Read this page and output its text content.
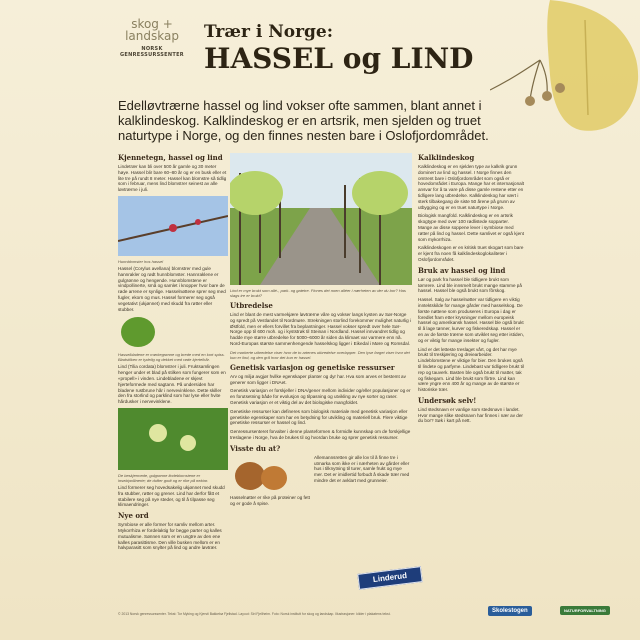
skog + landskap
NORSK GENRESSURSSENTER
Trær i Norge:
HASSEL og LIND
Edelløvtrærne hassel og lind vokser ofte sammen, blant annet i kalklindeskog. Kalklindeskog er en artsrik, men sjelden og truet naturtype i Norge, og den finnes nesten bare i Oslofjordområdet.
Kjennetegn, hassel og lind

Lindetrær kan bli over 500 år gamle og 30 meter høye. Hassel blir bare 60–80 år og er en busk eller et lite tre på rundt 8 meter. Hassel kan blomstre så tidlig som i februar, mens lind blomstrer seinest av alle løvtrærne i juli.

Hunnblomster hos hassel

Hassel (Corylus avellana) blomstrer med gule hannrakler og rødt hunnblomster. Hannraklene er gulgrønne og hengende. Hunnblomstene er vindpollinerte, små og samlet i knopper hvor bare de røde arrene er synlige. Hasselnøttene sprer seg med fugler, ekorn og mus. Hassel formerer seg også vegetativt (ukjønnet) med skudd fra røtter eller stubber.

Hasselbladene er mørkegrønne og brede med en kort spiss. Bladstilken er tydelig og dekket med røde kjertelhår.

Lind (Tilia cordata) blomstrer i juli. Fruktsamlingen henger under et blad på stilken som fungerer som en «propell» i vinden. Lindebladene er skjevt hjerteformede med sagtann. På undersiden har bladene rustbrune hår i nervevinklene. Dette skiller den fra storlind og parklind som har lyse eller hvite hårdusker i nervevinklene.

De beskjermede, gulgrønne lindeblomstene er insektpollinerte; de dufter godt og er rike på nektar.

Lind formerer seg hovedsakelig ukjønnet med skudd fra stubber, røtter og grener. Lind har derfor fått et stabilere seg på nye steder, og til å tilpasse seg klimaendringer.

Nye ord

Symbiose er alle former for samliv mellom arter. Mykorrhiza er fordelaktig for begge parter og kalles mutualisme. Sønnen som er en ungtre av den ene kalles parasittisme. Den ville busken mellom er en halvparasitt som snylter på lind og andre løvtrær.

Lind er mye brukt som allé-, park- og gatetre. Finnes det noen alléer i nærheten av der du bor? Has slags tre er brukt?
Utbredelse

Lind er blant de mest varmekjære løvtrærne våre og vokser langs kysten av Sør-Norge og spredt på Vestlandet til Nordmøre. Strekningen storlind forekommer mulighet naturlig i Østfold, men er ellers forvillet fra beplantninger. Hassel vokser spredt over hele Sør-Norge opp til 600 moh. og i kyststrøk til Steinan i Nordland. Hassel innvandret tidlig og hadde mye større utbredelse for 5000–6000 år siden da klimaet var varmere enn nå. Nord-Europas største sammenhengende hasselskog ligger i Eikedal i Møre og Romsdal.

Det markerte utbredelse viser hvor de to artenes utbredelse overlapper. Den lyse farget viser hvor det kun er lind, og den grå hvor det kun er hassel.
Genetisk variasjon og genetiske ressurser

Arv og miljø avgjør hvilke egenskaper planter og dyr har. Hva som arves er bestemt av generer som ligger i DNAet.

Genetisk variasjon er forskjeller i DNA/gener mellom individer og/eller populasjoner og er en forutsetning både for evolusjon og tilpasning og utvikling av nye sorter og raser. Genetisk variasjon er et viktig del av det biologiske mangfoldet.

Genetiske ressurser kan defineres som biologisk materiale med genetisk variasjon eller genetiske egenskaper som har en betydning for utvikling og materiell bruk. Flere viktige genetiske ressurser er hassel og lind.

Genressursenteret forvalter i denne planteformen & formidle kunnskap om de forskjellige treslagene i Norge, hva de brukes til og hvordan bruke og sprer genetisk ressurser.

Visste du at?

Hasselnøtter er rike på proteiner og fett og er gode å spise.

Allemannsretten gir alle lov til å finne tre i utmarka som ikke er i nærheten av gårder eller hus i tilknytning til turer, samle frukt og mye mer. Det er imidlertid forbudt å skade trær med mindre det er avklart med grunneier.

Kalklindeskog

Kalklindeskog er en sjelden type av kalkrik grunn dominert av lind og hassel. I Norge finnes den omtrent bare i Oslofjordområdet som også er hovedområdet i Europa. Mange har et internasjonalt ansvar for å ta vare på disse gamle restene etter en tidligere lang utbredelse. Kalklindeskog har vært i sterk tilbakegang de siste 50 årene på grunn av utbygging og er en truet naturtype i Norge.

Biologisk mangfold. Kalklindeskog er en artsrik skogtype med over 100 rødlistede sopparter. Mange av disse soppene lever i symbiose med røtter på lind og hassel. Dette samlivet er også kjent som mykorrhiza.

Kalklindeskogen er en kritisk truet skogart som bare er kjent fra noen få kalklindeskoglokaliteter i Oslofjordområdet.

Bruk av hassel og lind

Lør og park fra hassel ble tidligere brukt som tømrere. Lind ble innsmelt brukt mange stamme på hassel. Hassel ble også brukt som fôrskog.

Hassel. Salg av hasselnøtter var tidligere en viktig inntektskilde for mange gårder med hasselskog. De første nøttene som produseres i Europa i dag er foredlet fram etter krysninger mellom europeisk hassel og amerikansk hassel. Hassel ble også brukt til å lage tønner, kurver og fiskeredskap. Hassel er en av de første trærne som utviklet seg etter istiden, og er viktig for mange insekter og fugler.

Lind er det letteste treslaget vårt, og det har mye brukt til treskjæring og dreiearbeider. Lindeblomstene er viktige for bier. Den brukes også til lindete og parfyme. Lindebast var tidligere brukt til rep og tauverk. Basten ble også brukt til matter, tak og fiskegarn. Lind ble brukt som fôrtre. Lind kan være yngre enn 400 år og mange av de største er historiske trær.

Undersøk selv!

Lind stedsnavn er vanlige som stedsnavn i landet. Hvor mange slike stedsnavn har finnes i nær av der du bor? Søk i kart på nett.

Linderud
© 2013 Norsk genressurssenter. Tekst: Tor Myking og Kjersti Bakkebø Fjellstad. Layout: Siri Fjellheim. Foto: Norsk institutt for skog og landskap. Illustrasjoner: kilder i plakatens tekst.	Skolestogen	NATURFORVALTNING
